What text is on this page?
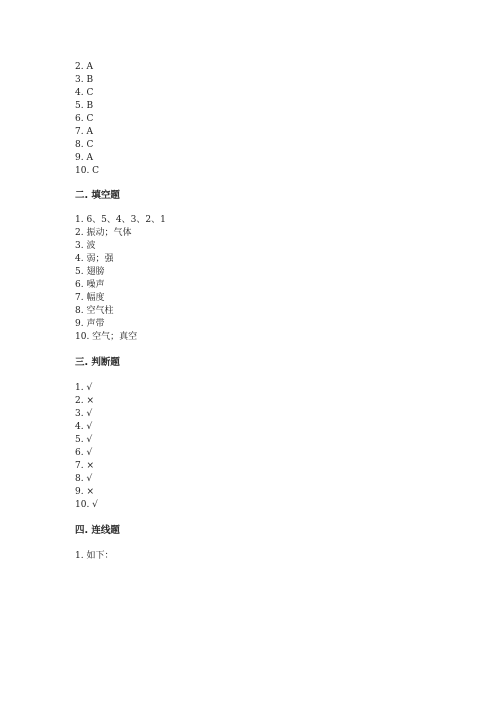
2. A
3. B
4. C
5. B
6. C
7. A
8. C
9. A
10. C
二. 填空题
1. 6、5、4、3、2、1
2. 振动；气体
3. 波
4. 弱；强
5. 翅膀
6. 噪声
7. 幅度
8. 空气柱
9. 声带
10. 空气；真空
三. 判断题
1. √
2. ×
3. √
4. √
5. √
6. √
7. ×
8. √
9. ×
10. √
四. 连线题
1. 如下：
